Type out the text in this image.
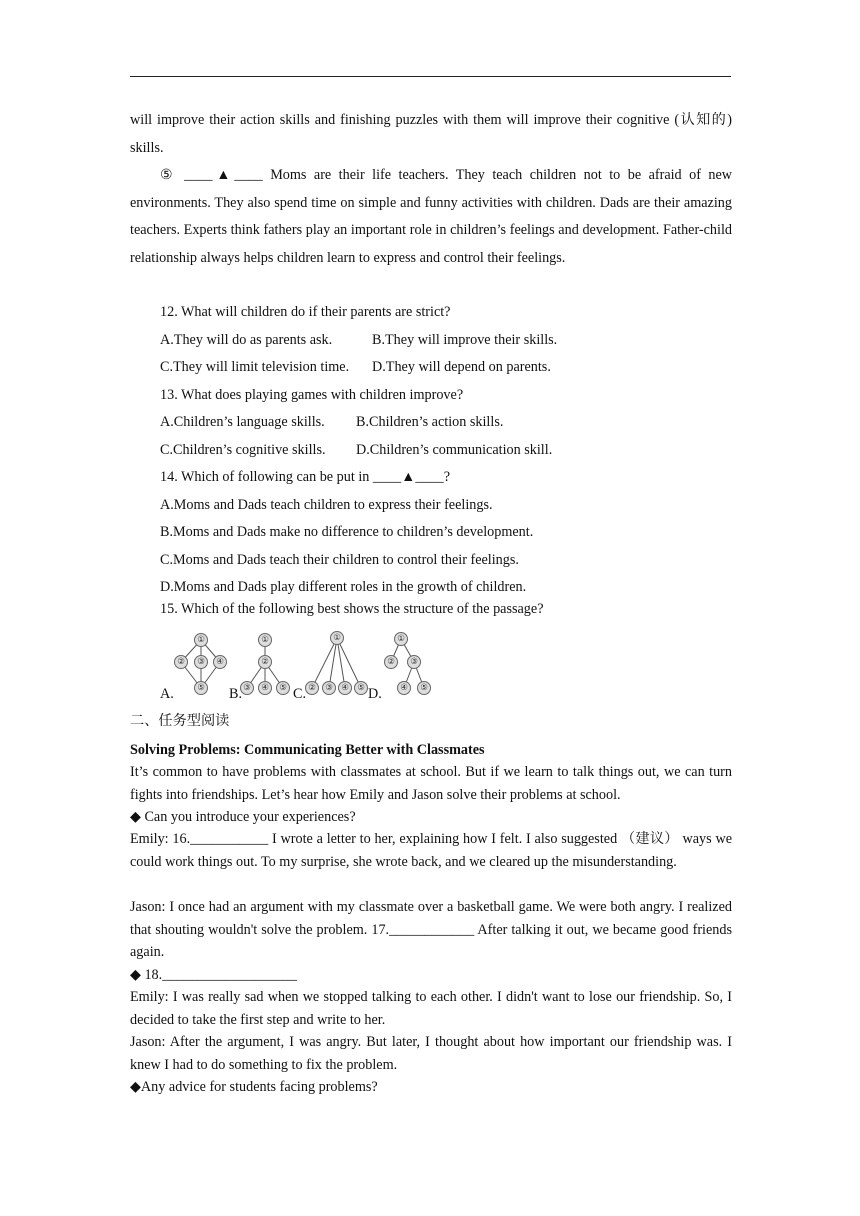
will improve their action skills and finishing puzzles with them will improve their cognitive (认知的) skills.

⑤ ____▲____ Moms are their life teachers. They teach children not to be afraid of new environments. They also spend time on simple and funny activities with children. Dads are their amazing teachers. Experts think fathers play an important role in children’s feelings and development. Father-child relationship always helps children learn to express and control their feelings.

12. What will children do if their parents are strict?
A.They will do as parents ask.	B.They will improve their skills.
C.They will limit television time. D.They will depend on parents.
13. What does playing games with children improve?
A.Children’s language skills. B.Children’s action skills.
C.Children’s cognitive skills. D.Children’s communication skill.
14. Which of following can be put in ____▲____?
A.Moms and Dads teach children to express their feelings.
B.Moms and Dads make no difference to children’s development.
C.Moms and Dads teach their children to control their feelings.
D.Moms and Dads play different roles in the growth of children.
15. Which of the following best shows the structure of the passage?
①
② ③ ④
⑤
①
②
③ ④ ⑤
①
② ③ ④ ⑤
①
② ③
④ ⑤
A.	B.	C.	D.
二、任务型阅读
Solving Problems: Communicating Better with Classmates

It’s common to have problems with classmates at school. But if we learn to talk things out, we can turn fights into friendships. Let’s hear how Emily and Jason solve their problems at school.

◆ Can you introduce your experiences?

Emily: 16.___________ I wrote a letter to her, explaining how I felt. I also suggested （建议） ways we could work things out. To my surprise, she wrote back, and we cleared up the misunderstanding.

Jason: I once had an argument with my classmate over a basketball game. We were both angry. I realized that shouting wouldn't solve the problem. 17.____________ After talking it out, we became good friends again.

◆ 18.___________________

Emily: I was really sad when we stopped talking to each other. I didn't want to lose our friendship. So, I decided to take the first step and write to her.

Jason: After the argument, I was angry. But later, I thought about how important our friendship was. I knew I had to do something to fix the problem.

◆Any advice for students facing problems?
